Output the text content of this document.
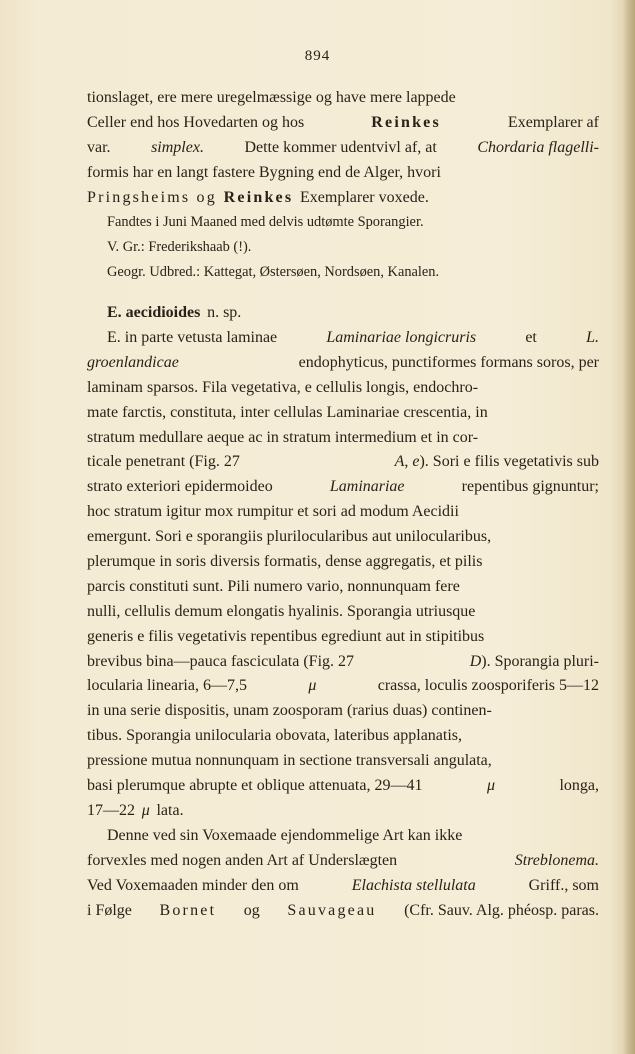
894
tionslaget, ere mere uregelmæssige og have mere lappede
Celler end hos Hovedarten og hos	Reinkes	Exemplarer af
var.	simplex.	Dette kommer udentvivl af, at	Chordaria flagelli-
formis har en langt fastere Bygning end de Alger, hvori
Pringsheims og Reinkes Exemplarer voxede.
Fandtes i Juni Maaned med delvis udtømte Sporangier.
V. Gr.: Frederikshaab (!).
Geogr. Udbred.: Kattegat, Østersøen, Nordsøen, Kanalen.
E. aecidioides n. sp.
E. in parte vetusta laminae	Laminariae longicruris	et	L.
groenlandicae	endophyticus, punctiformes formans soros, per
laminam sparsos. Fila vegetativa, e cellulis longis, endochro-
mate farctis, constituta, inter cellulas Laminariae crescentia, in
stratum medullare aeque ac in stratum intermedium et in cor-
ticale penetrant (Fig. 27	A, e). Sori e filis vegetativis sub
strato exteriori epidermoideo	Laminariae	repentibus gignuntur;
hoc stratum igitur mox rumpitur et sori ad modum Aecidii
emergunt. Sori e sporangiis plurilocularibus aut unilocularibus,
plerumque in soris diversis formatis, dense aggregatis, et pilis
parcis constituti sunt. Pili numero vario, nonnunquam fere
nulli, cellulis demum elongatis hyalinis. Sporangia utriusque
generis e filis vegetativis repentibus egrediunt aut in stipitibus
brevibus bina—pauca fasciculata (Fig. 27	D). Sporangia pluri-
locularia linearia, 6—7,5	μ	crassa, loculis zoosporiferis 5—12
in una serie dispositis, unam zoosporam (rarius duas) continen-
tibus. Sporangia unilocularia obovata, lateribus applanatis,
pressione mutua nonnunquam in sectione transversali angulata,
basi plerumque abrupte et oblique attenuata, 29—41	μ	longa,
17—22 μ lata.
Denne ved sin Voxemaade ejendommelige Art kan ikke
forvexles med nogen anden Art af Underslægten	Streblonema.
Ved Voxemaaden minder den om	Elachista stellulata	Griff., som
i Følge Bornet og Sauvageau (Cfr. Sauv. Alg. phéosp. paras.
